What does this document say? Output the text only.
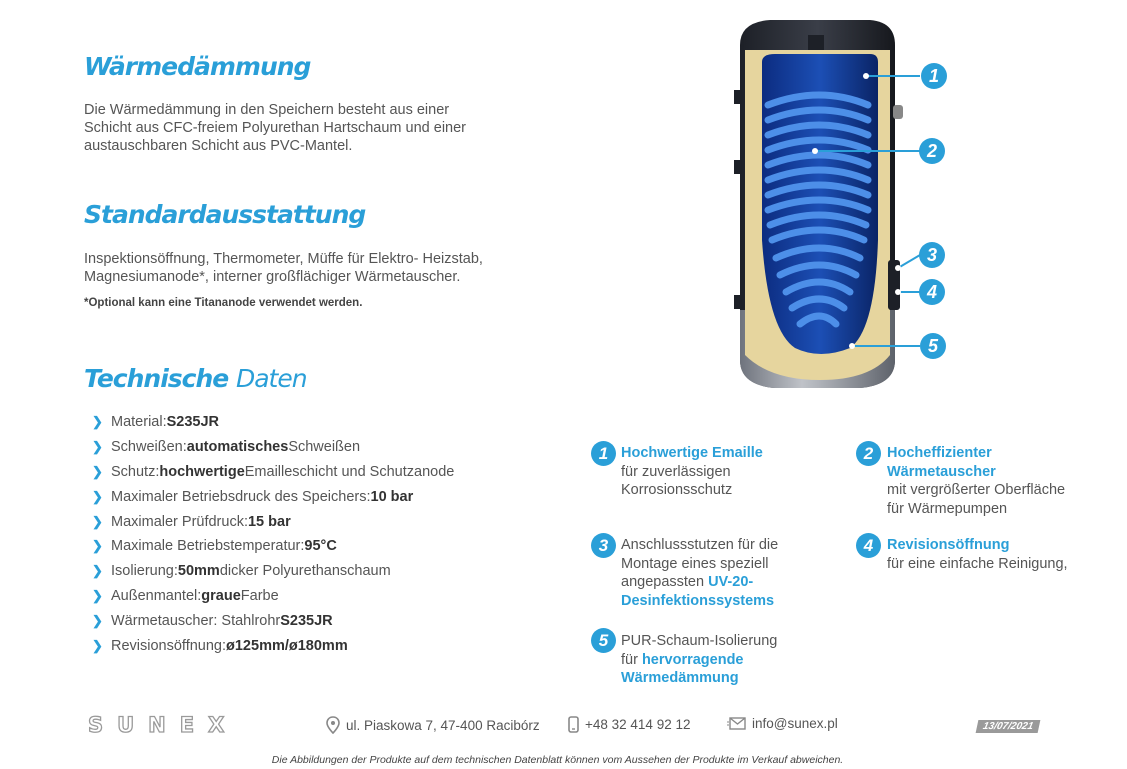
Wärmedämmung
Die Wärmedämmung in den Speichern besteht aus einer
Schicht aus CFC-freiem Polyurethan Hartschaum und einer
austauschbaren Schicht aus PVC-Mantel.
Standardausstattung
Inspektionsöffnung, Thermometer, Müffe für Elektro- Heizstab,
Magnesiumanode*, interner großflächiger Wärmetauscher.
*Optional kann eine Titananode verwendet werden.
Technische Daten
❯ Material: S235JR
❯ Schweißen: automatisches Schweißen
❯ Schutz: hochwertige Emailleschicht und Schutzanode
❯ Maximaler Betriebsdruck des Speichers: 10 bar
❯ Maximaler Prüfdruck: 15 bar
❯ Maximale Betriebstemperatur: 95°C
❯ Isolierung: 50mm dicker Polyurethanschaum
❯ Außenmantel: graue Farbe
❯ Wärmetauscher: Stahlrohr S235JR
❯ Revisionsöffnung: ø125mm/ø180mm
1
2
3
4
5
1 Hochwertige Emaille
für zuverlässigen
Korrosionsschutz
2 Hocheffizienter
Wärmetauscher
mit vergrößerter Oberfläche
für Wärmepumpen
3 Anschlussstutzen für die
Montage eines speziell
angepassten UV-20-
Desinfektionssystems
4 Revisionsöffnung
für eine einfache Reinigung,
5 PUR-Schaum-Isolierung
für hervorragende
Wärmedämmung
SUNEX	ul. Piaskowa 7, 47-400 Racibórz	+48 32 414 92 12	info@sunex.pl	13/07/2021
Die Abbildungen der Produkte auf dem technischen Datenblatt können vom Aussehen der Produkte im Verkauf abweichen.
